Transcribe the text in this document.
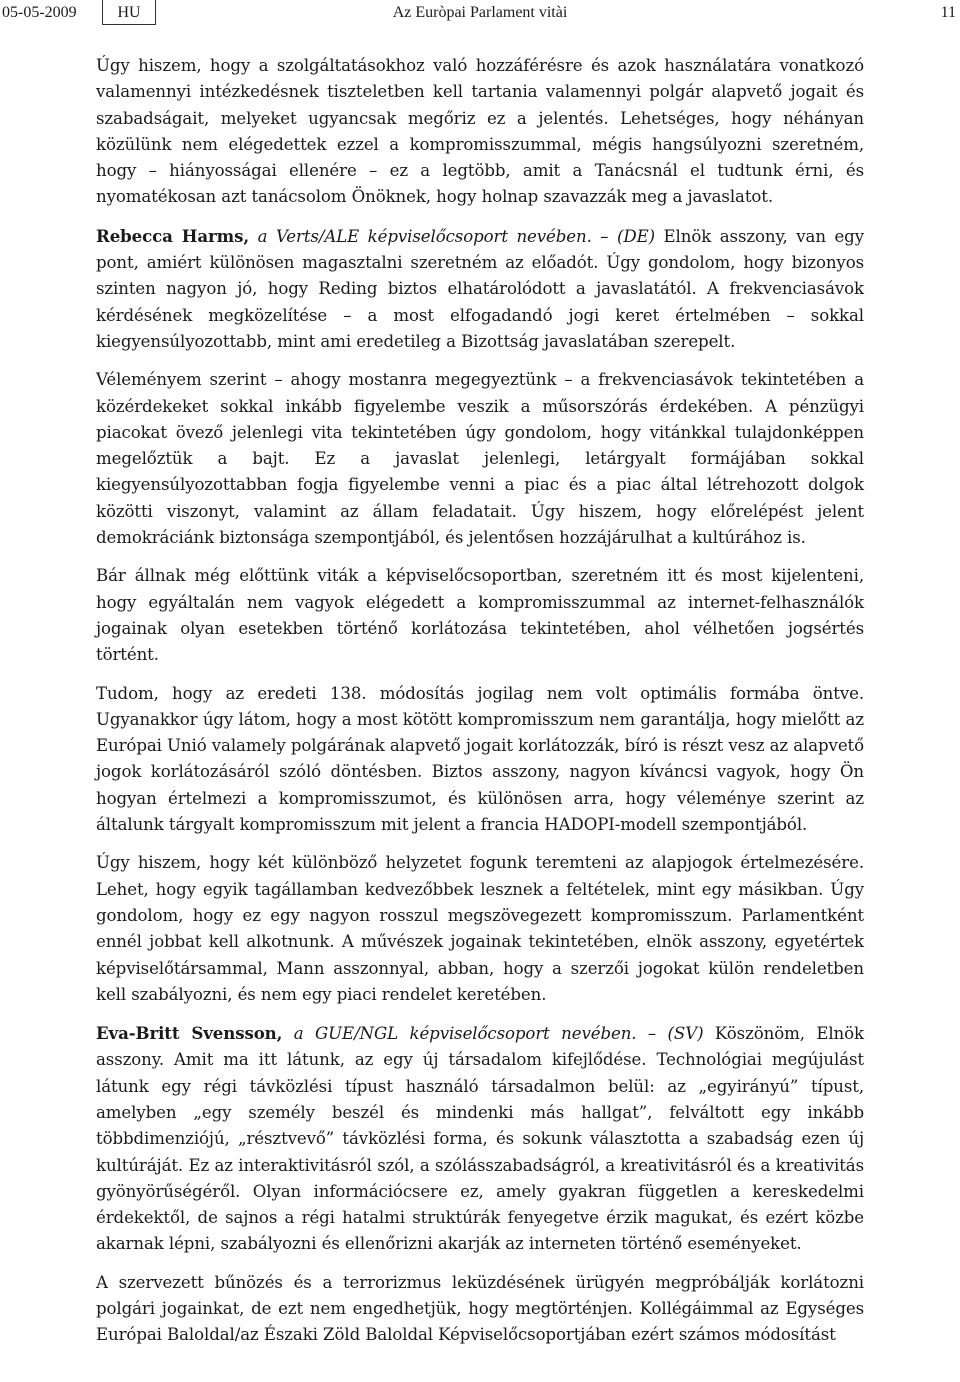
05-05-2009	HU	Az Euròpai Parlament vitài	11

Úgy hiszem, hogy a szolgáltatásokhoz való hozzáférésre és azok használatára vonatkozó valamennyi intézkedésnek tiszteletben kell tartania valamennyi polgár alapvető jogait és szabadságait, melyeket ugyancsak megőriz ez a jelentés. Lehetséges, hogy néhányan közülünk nem elégedettek ezzel a kompromisszummal, mégis hangsúlyozni szeretném, hogy – hiányosságai ellenére – ez a legtöbb, amit a Tanácsnál el tudtunk érni, és nyomatékosan azt tanácsolom Önöknek, hogy holnap szavazzák meg a javaslatot.

Rebecca Harms, a Verts/ALE képviselőcsoport nevében. – (DE) Elnök asszony, van egy pont, amiért különösen magasztalni szeretném az előadót. Úgy gondolom, hogy bizonyos szinten nagyon jó, hogy Reding biztos elhatárolódott a javaslatától. A frekvenciasávok kérdésének megközelítése – a most elfogadandó jogi keret értelmében – sokkal kiegyensúlyozottabb, mint ami eredetileg a Bizottság javaslatában szerepelt.

Véleményem szerint – ahogy mostanra megegyeztünk – a frekvenciasávok tekintetében a közérdekeket sokkal inkább figyelembe veszik a műsorszórás érdekében. A pénzügyi piacokat övező jelenlegi vita tekintetében úgy gondolom, hogy vitánkkal tulajdonképpen megelőztük a bajt. Ez a javaslat jelenlegi, letárgyalt formájában sokkal kiegyensúlyozottabban fogja figyelembe venni a piac és a piac által létrehozott dolgok közötti viszonyt, valamint az állam feladatait. Úgy hiszem, hogy előrelépést jelent demokráciánk biztonsága szempontjából, és jelentősen hozzájárulhat a kultúrához is.

Bár állnak még előttünk viták a képviselőcsoportban, szeretném itt és most kijelenteni, hogy egyáltalán nem vagyok elégedett a kompromisszummal az internet-felhasználók jogainak olyan esetekben történő korlátozása tekintetében, ahol vélhetően jogsértés történt.

Tudom, hogy az eredeti 138. módosítás jogilag nem volt optimális formába öntve. Ugyanakkor úgy látom, hogy a most kötött kompromisszum nem garantálja, hogy mielőtt az Európai Unió valamely polgárának alapvető jogait korlátozzák, bíró is részt vesz az alapvető jogok korlátozásáról szóló döntésben. Biztos asszony, nagyon kíváncsi vagyok, hogy Ön hogyan értelmezi a kompromisszumot, és különösen arra, hogy véleménye szerint az általunk tárgyalt kompromisszum mit jelent a francia HADOPI-modell szempontjából.

Úgy hiszem, hogy két különböző helyzetet fogunk teremteni az alapjogok értelmezésére. Lehet, hogy egyik tagállamban kedvezőbbek lesznek a feltételek, mint egy másikban. Úgy gondolom, hogy ez egy nagyon rosszul megszövegezett kompromisszum. Parlamentként ennél jobbat kell alkotnunk. A művészek jogainak tekintetében, elnök asszony, egyetértek képviselőtársammal, Mann asszonnyal, abban, hogy a szerzői jogokat külön rendeletben kell szabályozni, és nem egy piaci rendelet keretében.

Eva-Britt Svensson, a GUE/NGL képviselőcsoport nevében. – (SV) Köszönöm, Elnök asszony. Amit ma itt látunk, az egy új társadalom kifejlődése. Technológiai megújulást látunk egy régi távközlési típust használó társadalmon belül: az „egyirányú” típust, amelyben „egy személy beszél és mindenki más hallgat”, felváltott egy inkább többdimenziójú, „résztvevő” távközlési forma, és sokunk választotta a szabadság ezen új kultúráját. Ez az interaktivitásról szól, a szólásszabadságról, a kreativitásról és a kreativitás gyönyörűségéről. Olyan információcsere ez, amely gyakran független a kereskedelmi érdekektől, de sajnos a régi hatalmi struktúrák fenyegetve érzik magukat, és ezért közbe akarnak lépni, szabályozni és ellenőrizni akarják az interneten történő eseményeket.

A szervezett bűnözés és a terrorizmus leküzdésének ürügyén megpróbálják korlátozni polgári jogainkat, de ezt nem engedhetjük, hogy megtörténjen. Kollégáimmal az Egységes Európai Baloldal/az Északi Zöld Baloldal Képviselőcsoportjában ezért számos módosítást
